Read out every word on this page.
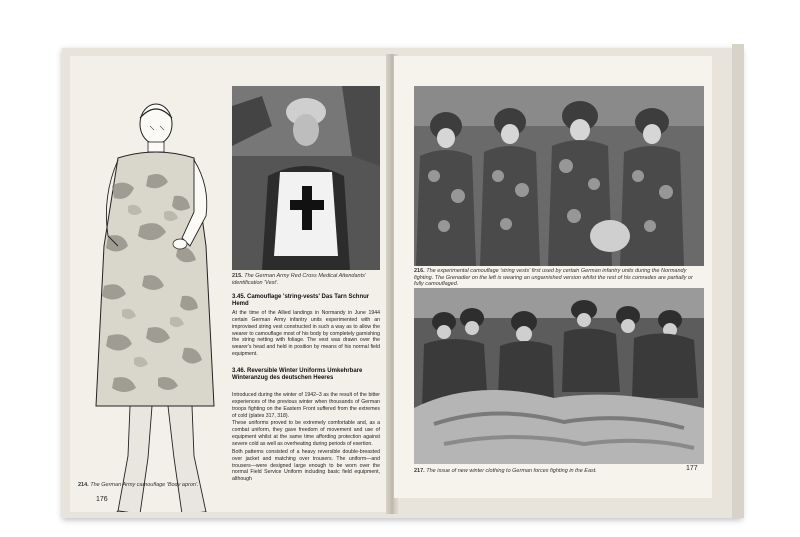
214. The German Army camouflage 'Body apron'.
176
215. The German Army Red Cross Medical Attendants' identification 'Vest'.
3.45. Camouflage 'string-vests' Das Tarn Schnur Hemd
At the time of the Allied landings in Normandy in June 1944 certain German Army infantry units experimented with an improvised string vest constructed in such a way as to allow the wearer to camouflage most of his body by completely garnishing the string netting with foliage. The vest was drawn over the wearer's head and held in position by means of his normal field equipment.
3.46. Reversible Winter Uniforms Umkehrbare Winteranzug des deutschen Heeres

Introduced during the winter of 1942–3 as the result of the bitter experiences of the previous winter when thousands of German troops fighting on the Eastern Front suffered from the extremes of cold (plates 317, 318).

These uniforms proved to be extremely comfortable and, as a combat uniform, they gave freedom of movement and use of equipment whilst at the same time affording protection against severe cold as well as overheating during periods of exertion.

Both patterns consisted of a heavy reversible double-breasted over jacket and matching over trousers. The uniform—and trousers—were designed large enough to be worn over the normal Field Service Uniform including basic field equipment, although

216. The experimental camouflage 'string vests' first used by certain German infantry units during the Normandy fighting. The Grenadier on the left is wearing an ungarnished version whilst the rest of his comrades are partially or fully camouflaged.
217. The issue of new winter clothing to German forces fighting in the East.	177
